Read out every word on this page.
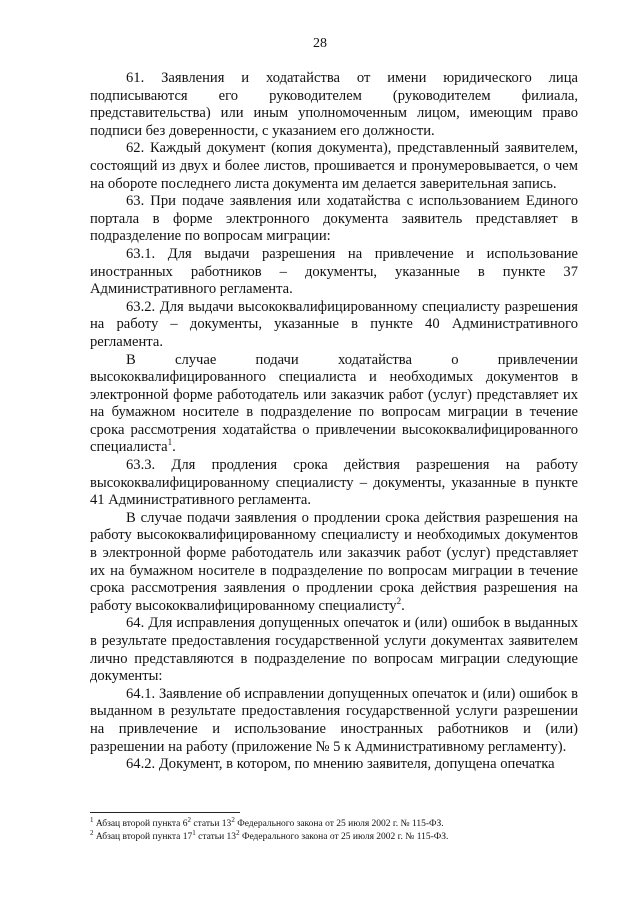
28

61. Заявления и ходатайства от имени юридического лица подписываются его руководителем (руководителем филиала, представительства) или иным уполномоченным лицом, имеющим право подписи без доверенности, с указанием его должности.

62. Каждый документ (копия документа), представленный заявителем, состоящий из двух и более листов, прошивается и пронумеровывается, о чем на обороте последнего листа документа им делается заверительная запись.

63. При подаче заявления или ходатайства с использованием Единого портала в форме электронного документа заявитель представляет в подразделение по вопросам миграции:

63.1. Для выдачи разрешения на привлечение и использование иностранных работников – документы, указанные в пункте 37 Административного регламента.

63.2. Для выдачи высококвалифицированному специалисту разрешения на работу – документы, указанные в пункте 40 Административного регламента.

В случае подачи ходатайства о привлечении высококвалифицированного специалиста и необходимых документов в электронной форме работодатель или заказчик работ (услуг) представляет их на бумажном носителе в подразделение по вопросам миграции в течение срока рассмотрения ходатайства о привлечении высококвалифицированного специалиста$^1$.

63.3. Для продления срока действия разрешения на работу высококвалифицированному специалисту – документы, указанные в пункте 41 Административного регламента.

В случае подачи заявления о продлении срока действия разрешения на работу высококвалифицированному специалисту и необходимых документов в электронной форме работодатель или заказчик работ (услуг) представляет их на бумажном носителе в подразделение по вопросам миграции в течение срока рассмотрения заявления о продлении срока действия разрешения на работу высококвалифицированному специалисту$^2$.

64. Для исправления допущенных опечаток и (или) ошибок в выданных в результате предоставления государственной услуги документах заявителем лично представляются в подразделение по вопросам миграции следующие документы:

64.1. Заявление об исправлении допущенных опечаток и (или) ошибок в выданном в результате предоставления государственной услуги разрешении на привлечение и использование иностранных работников и (или) разрешении на работу (приложение № 5 к Административному регламенту).

64.2. Документ, в котором, по мнению заявителя, допущена опечатка

$^1$ Абзац второй пункта $6^2$ статьи $13^2$ Федерального закона от 25 июля 2002 г. № 115-ФЗ.

$^2$ Абзац второй пункта $17^1$ статьи $13^2$ Федерального закона от 25 июля 2002 г. № 115-ФЗ.
